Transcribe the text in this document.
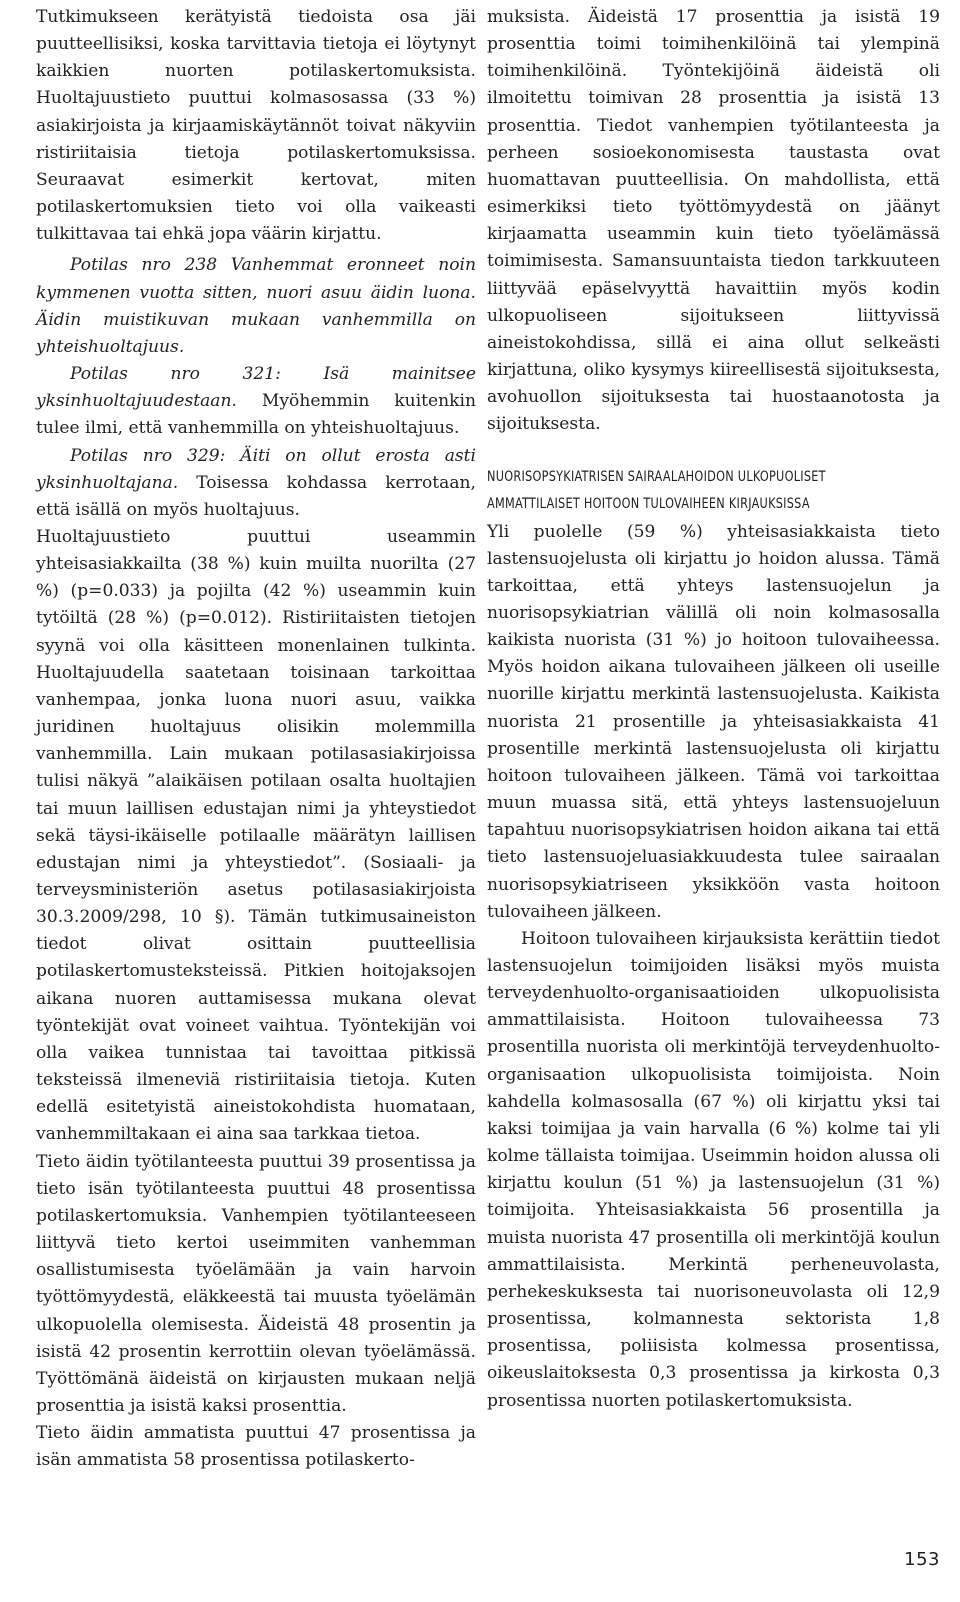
Tutkimukseen kerätyistä tiedoista osa jäi puutteellisiksi, koska tarvittavia tietoja ei löytynyt kaikkien nuorten potilaskertomuksista. Huoltajuustieto puuttui kolmasosassa (33 %) asiakirjoista ja kirjaamiskäytännöt toivat näkyviin ristiriitaisia tietoja potilaskertomuksissa. Seuraavat esimerkit kertovat, miten potilaskertomuksien tieto voi olla vaikeasti tulkittavaa tai ehkä jopa väärin kirjattu.

Potilas nro 238 Vanhemmat eronneet noin kymmenen vuotta sitten, nuori asuu äidin luona. Äidin muistikuvan mukaan vanhemmilla on yhteishuoltajuus.

Potilas nro 321: Isä mainitsee yksinhuoltajuudestaan. Myöhemmin kuitenkin tulee ilmi, että vanhemmilla on yhteishuoltajuus.

Potilas nro 329: Äiti on ollut erosta asti yksinhuoltajana. Toisessa kohdassa kerrotaan, että isällä on myös huoltajuus.

Huoltajuustieto puuttui useammin yhteisasiakkailta (38 %) kuin muilta nuorilta (27 %) (p=0.033) ja pojilta (42 %) useammin kuin tytöiltä (28 %) (p=0.012). Ristiriitaisten tietojen syynä voi olla käsitteen monenlainen tulkinta. Huoltajuudella saatetaan toisinaan tarkoittaa vanhempaa, jonka luona nuori asuu, vaikka juridinen huoltajuus olisikin molemmilla vanhemmilla. Lain mukaan potilasasiakirjoissa tulisi näkyä ”alaikäisen potilaan osalta huoltajien tai muun laillisen edustajan nimi ja yhteystiedot sekä täysi-ikäiselle potilaalle määrätyn laillisen edustajan nimi ja yhteystiedot”. (Sosiaali- ja terveysministeriön asetus potilasasiakirjoista 30.3.2009/298, 10 §). Tämän tutkimusaineiston tiedot olivat osittain puutteellisia potilaskertomusteksteissä. Pitkien hoitojaksojen aikana nuoren auttamisessa mukana olevat työntekijät ovat voineet vaihtua. Työntekijän voi olla vaikea tunnistaa tai tavoittaa pitkissä teksteissä ilmeneviä ristiriitaisia tietoja. Kuten edellä esitetyistä aineistokohdista huomataan, vanhemmiltakaan ei aina saa tarkkaa tietoa.

Tieto äidin työtilanteesta puuttui 39 prosentissa ja tieto isän työtilanteesta puuttui 48 prosentissa potilaskertomuksia. Vanhempien työtilanteeseen liittyvä tieto kertoi useimmiten vanhemman osallistumisesta työelämään ja vain harvoin työttömyydestä, eläkkeestä tai muusta työelämän ulkopuolella olemisesta. Äideistä 48 prosentin ja isistä 42 prosentin kerrottiin olevan työelämässä. Työttömänä äideistä on kirjausten mukaan neljä prosenttia ja isistä kaksi prosenttia.

Tieto äidin ammatista puuttui 47 prosentissa ja isän ammatista 58 prosentissa potilaskerto-

muksista. Äideistä 17 prosenttia ja isistä 19 prosenttia toimi toimihenkilöinä tai ylempinä toimihenkilöinä. Työntekijöinä äideistä oli ilmoitettu toimivan 28 prosenttia ja isistä 13 prosenttia. Tiedot vanhempien työtilanteesta ja perheen sosioekonomisesta taustasta ovat huomattavan puutteellisia. On mahdollista, että esimerkiksi tieto työttömyydestä on jäänyt kirjaamatta useammin kuin tieto työelämässä toimimisesta. Samansuuntaista tiedon tarkkuuteen liittyvää epäselvyyttä havaittiin myös kodin ulkopuoliseen sijoitukseen liittyvissä aineistokohdissa, sillä ei aina ollut selkeästi kirjattuna, oliko kysymys kiireellisestä sijoituksesta, avohuollon sijoituksesta tai huostaanotosta ja sijoituksesta.

NUORISOPSYKIATRISEN SAIRAALAHOIDON ULKOPUOLISET
AMMATTILAISET HOITOON TULOVAIHEEN KIRJAUKSISSA

Yli puolelle (59 %) yhteisasiakkaista tieto lastensuojelusta oli kirjattu jo hoidon alussa. Tämä tarkoittaa, että yhteys lastensuojelun ja nuorisopsykiatrian välillä oli noin kolmasosalla kaikista nuorista (31 %) jo hoitoon tulovaiheessa. Myös hoidon aikana tulovaiheen jälkeen oli useille nuorille kirjattu merkintä lastensuojelusta. Kaikista nuorista 21 prosentille ja yhteisasiakkaista 41 prosentille merkintä lastensuojelusta oli kirjattu hoitoon tulovaiheen jälkeen. Tämä voi tarkoittaa muun muassa sitä, että yhteys lastensuojeluun tapahtuu nuorisopsykiatrisen hoidon aikana tai että tieto lastensuojeluasiakkuudesta tulee sairaalan nuorisopsykiatriseen yksikköön vasta hoitoon tulovaiheen jälkeen.

Hoitoon tulovaiheen kirjauksista kerättiin tiedot lastensuojelun toimijoiden lisäksi myös muista terveydenhuolto-organisaatioiden ulkopuolisista ammattilaisista. Hoitoon tulovaiheessa 73 prosentilla nuorista oli merkintöjä terveydenhuolto-organisaation ulkopuolisista toimijoista. Noin kahdella kolmasosalla (67 %) oli kirjattu yksi tai kaksi toimijaa ja vain harvalla (6 %) kolme tai yli kolme tällaista toimijaa. Useimmin hoidon alussa oli kirjattu koulun (51 %) ja lastensuojelun (31 %) toimijoita. Yhteisasiakkaista 56 prosentilla ja muista nuorista 47 prosentilla oli merkintöjä koulun ammattilaisista. Merkintä perheneuvolasta, perhekeskuksesta tai nuorisoneuvolasta oli 12,9 prosentissa, kolmannesta sektorista 1,8 prosentissa, poliisista kolmessa prosentissa, oikeuslaitoksesta 0,3 prosentissa ja kirkosta 0,3 prosentissa nuorten potilaskertomuksista.

153
